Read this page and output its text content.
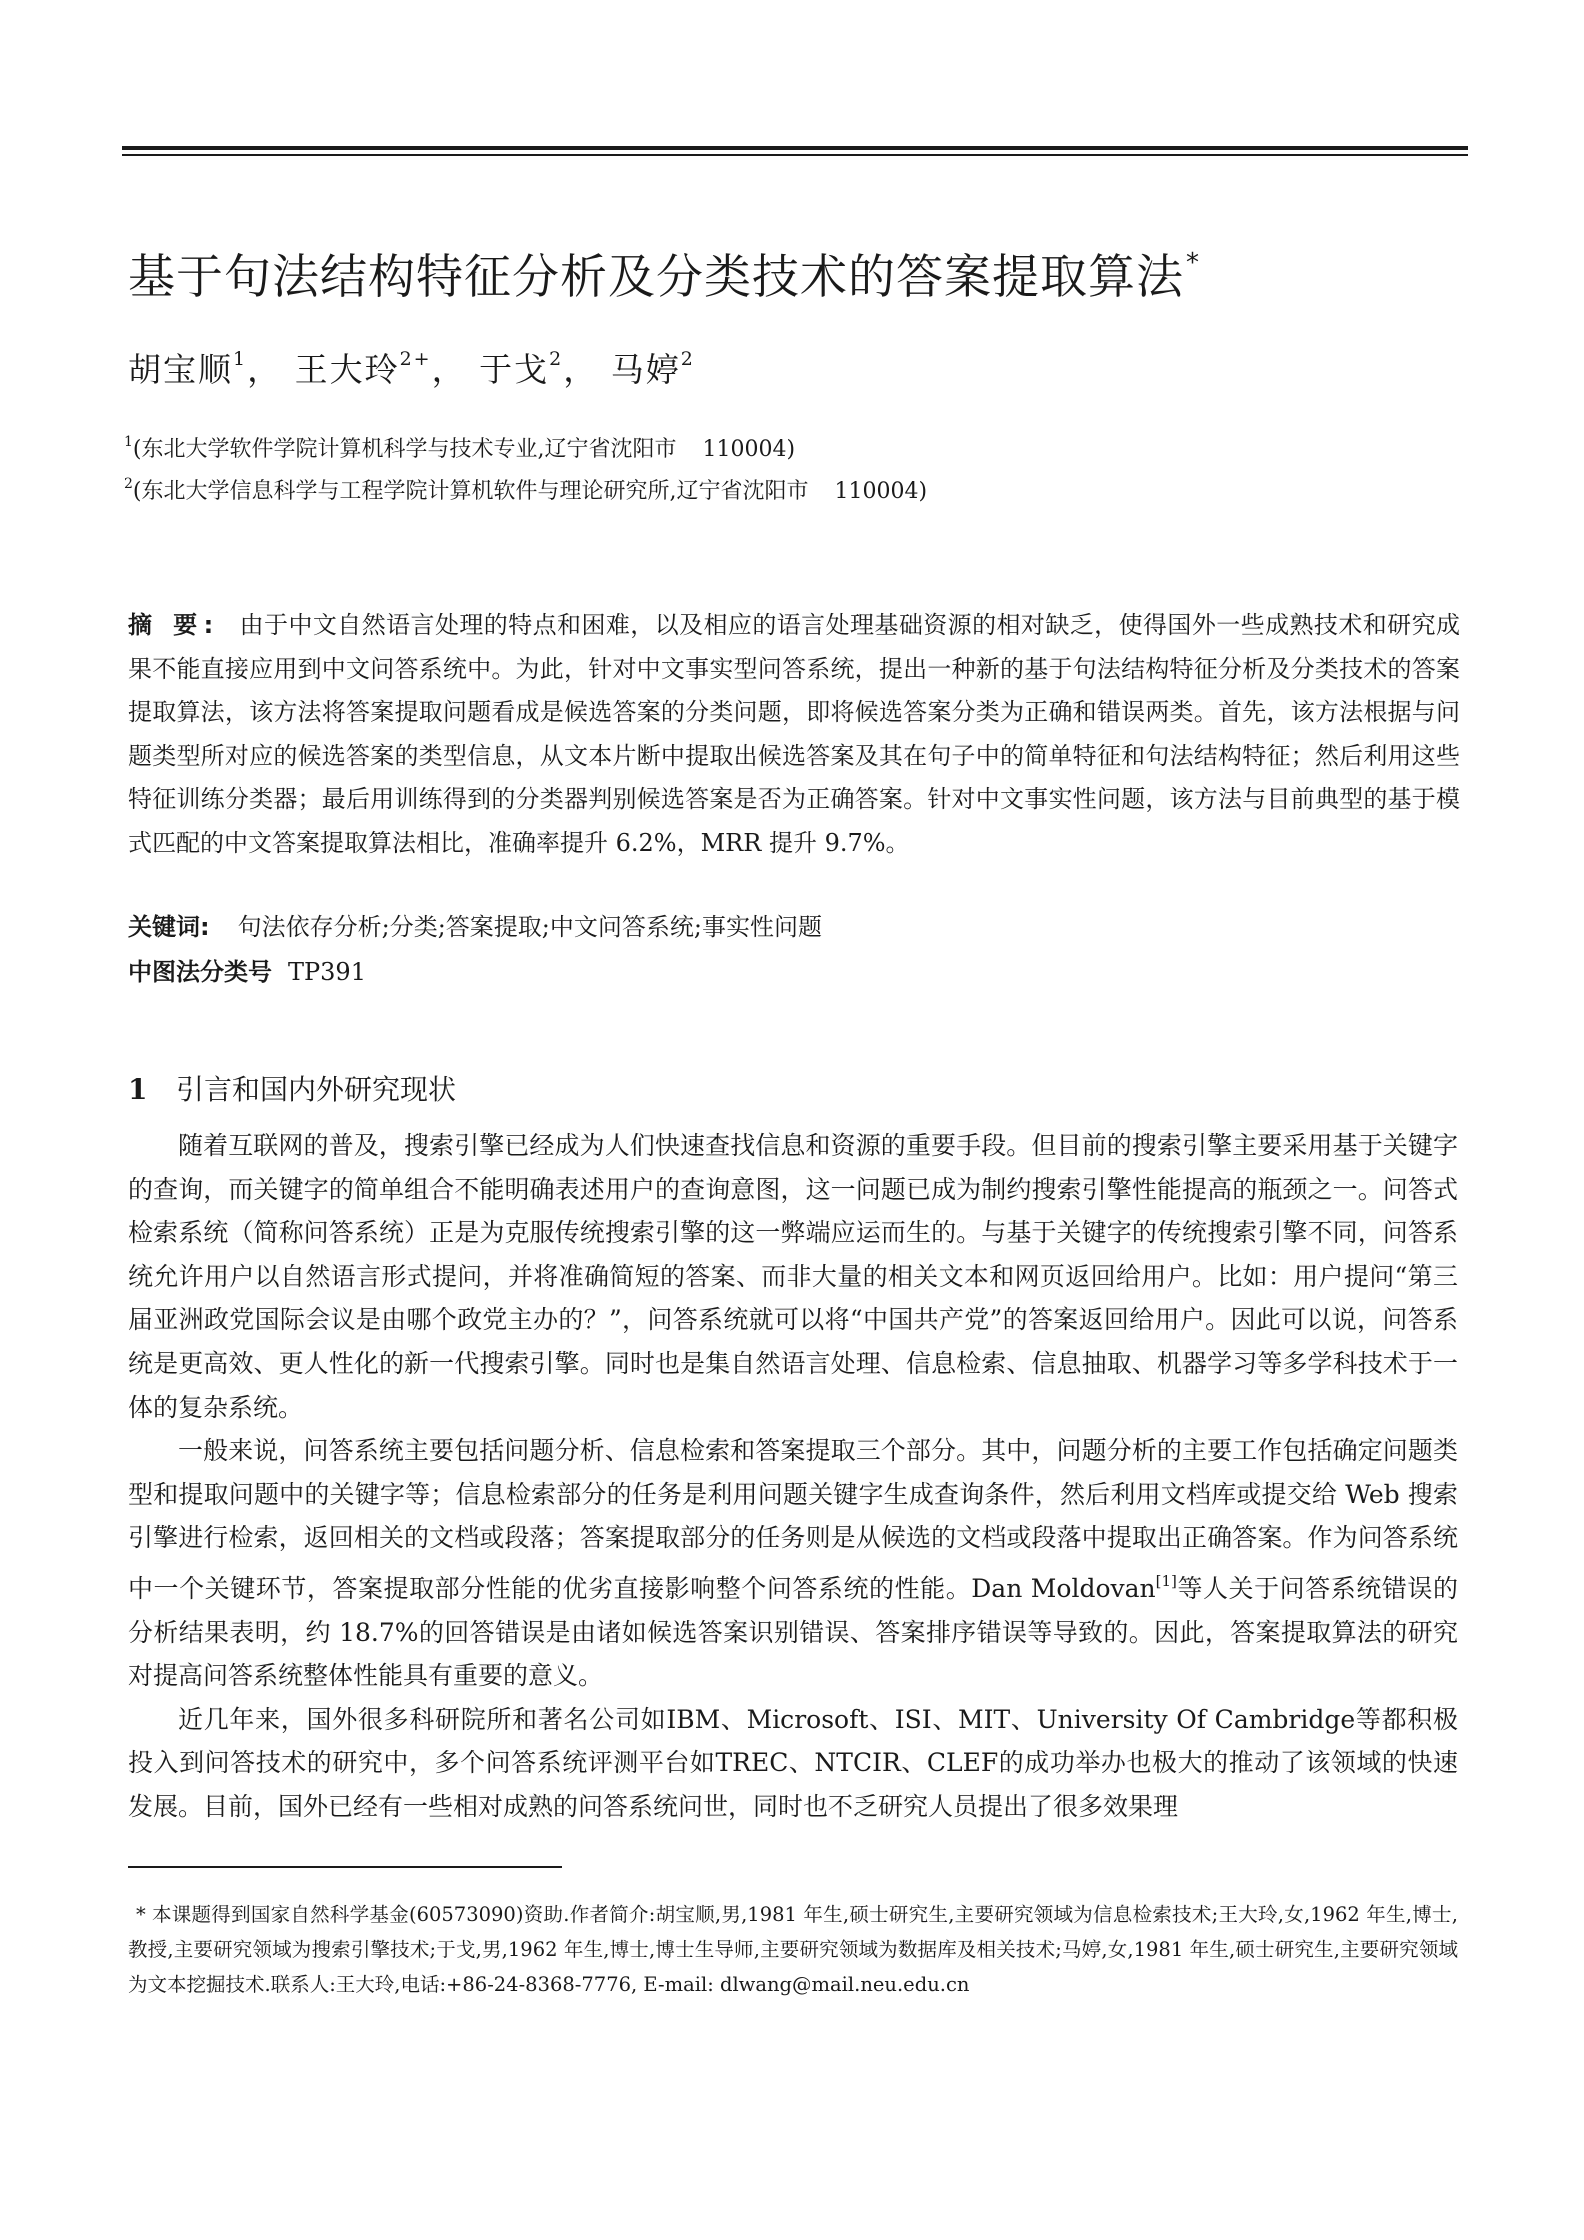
基于句法结构特征分析及分类技术的答案提取算法*
胡宝顺$^1$， 王大玲$^{2+}$， 于戈$^2$， 马婷$^2$
$^1$(东北大学软件学院计算机科学与技术专业,辽宁省沈阳市 110004)
$^2$(东北大学信息科学与工程学院计算机软件与理论研究所,辽宁省沈阳市 110004)

摘 要: 由于中文自然语言处理的特点和困难，以及相应的语言处理基础资源的相对缺乏，使得国外一些成熟技术和研究成果不能直接应用到中文问答系统中。为此，针对中文事实型问答系统，提出一种新的基于句法结构特征分析及分类技术的答案提取算法，该方法将答案提取问题看成是候选答案的分类问题，即将候选答案分类为正确和错误两类。首先，该方法根据与问题类型所对应的候选答案的类型信息，从文本片断中提取出候选答案及其在句子中的简单特征和句法结构特征；然后利用这些特征训练分类器；最后用训练得到的分类器判别候选答案是否为正确答案。针对中文事实性问题，该方法与目前典型的基于模式匹配的中文答案提取算法相比，准确率提升 6.2%，MRR 提升 9.7%。

关键词: 句法依存分析;分类;答案提取;中文问答系统;事实性问题
中图法分类号 TP391
1 引言和国内外研究现状

随着互联网的普及，搜索引擎已经成为人们快速查找信息和资源的重要手段。但目前的搜索引擎主要采用基于关键字的查询，而关键字的简单组合不能明确表述用户的查询意图，这一问题已成为制约搜索引擎性能提高的瓶颈之一。问答式检索系统（简称问答系统）正是为克服传统搜索引擎的这一弊端应运而生的。与基于关键字的传统搜索引擎不同，问答系统允许用户以自然语言形式提问，并将准确简短的答案、而非大量的相关文本和网页返回给用户。比如：用户提问“第三届亚洲政党国际会议是由哪个政党主办的？”，问答系统就可以将“中国共产党”的答案返回给用户。因此可以说，问答系统是更高效、更人性化的新一代搜索引擎。同时也是集自然语言处理、信息检索、信息抽取、机器学习等多学科技术于一体的复杂系统。

一般来说，问答系统主要包括问题分析、信息检索和答案提取三个部分。其中，问题分析的主要工作包括确定问题类型和提取问题中的关键字等；信息检索部分的任务是利用问题关键字生成查询条件，然后利用文档库或提交给 Web 搜索引擎进行检索，返回相关的文档或段落；答案提取部分的任务则是从候选的文档或段落中提取出正确答案。作为问答系统中一个关键环节，答案提取部分性能的优劣直接影响整个问答系统的性能。Dan Moldovan[1]等人关于问答系统错误的分析结果表明，约 18.7%的回答错误是由诸如候选答案识别错误、答案排序错误等导致的。因此，答案提取算法的研究对提高问答系统整体性能具有重要的意义。

近几年来，国外很多科研院所和著名公司如IBM、Microsoft、ISI、MIT、University Of Cambridge等都积极投入到问答技术的研究中，多个问答系统评测平台如TREC、NTCIR、CLEF的成功举办也极大的推动了该领域的快速发展。目前，国外已经有一些相对成熟的问答系统问世，同时也不乏研究人员提出了很多效果理

* 本课题得到国家自然科学基金(60573090)资助.作者简介:胡宝顺,男,1981 年生,硕士研究生,主要研究领域为信息检索技术;王大玲,女,1962 年生,博士,教授,主要研究领域为搜索引擎技术;于戈,男,1962 年生,博士,博士生导师,主要研究领域为数据库及相关技术;马婷,女,1981 年生,硕士研究生,主要研究领域为文本挖掘技术.联系人:王大玲,电话:+86-24-8368-7776, E-mail: dlwang@mail.neu.edu.cn
